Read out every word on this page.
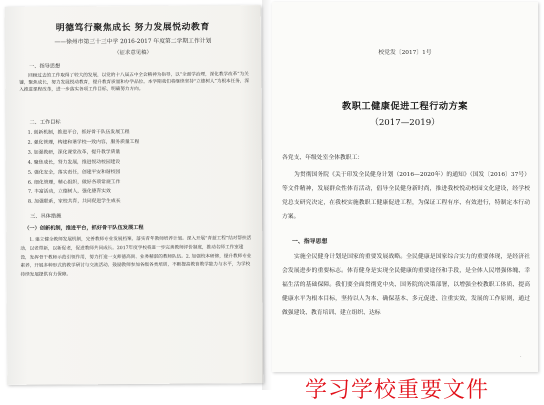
明德笃行聚焦成长 努力发展悦动教育
——徐州市第三十三中学 2016-2017 年度第二学期工作计划
（征求意见稿）
一、指导思想
回顾过去的工作取得了较大的发展，以党的十八届五中全会精神为指导，以“全面学治理，深化教学改革”为关键，聚焦成长，努力发展悦动教育，提升教育质量和办学品位。本学期我们将继续坚持“立德树人”为根本任务，深入推进课程改革，进一步落实各项工作目标，明确努力方向。
二、工作目标
1. 创新机制，推进平台，抓好骨干队伍发展工程
2. 强化管理，构建和谐学校一致内容，服务质量工程
3. 加强教研，深化课堂改革，提升教学质量
4. 聚焦成长，努力发展，推进悦动校园建设
5. 强化安全，落实责任，创建平安和谐校园
6. 细化管理，精心组织，做好各项常规工作
7. 丰富活动，立德树人，强化德育实效
8. 加强联系，家校共育，共同促进学生成长
三、具体措施
（一）创新机制，推进平台，抓好骨干队伍发展工程
1. 建立健全教师发展机制，完善教师专业发展档案，落实青年教师培养计划。深入开展“青蓝工程”结对帮扶活动，以老带新，以新促老，促进教师共同成长。2017年度学校将进一步完善教师评价制度，推动名师工作室建设，发挥骨干教师示范引领作用，努力打造一支师德高尚、业务精湛的教师队伍。2. 加强校本研修，提升教师专业素养，开展多种形式的教学研讨与交流活动，鼓励教师参加各级各类培训，不断提高教育教学能力与水平，为学校持续发展提供有力保障。
校党发〔2017〕1号
教职工健康促进工程行动方案
（2017—2019）
各党支、年级处室全体教职工：
为贯彻国务院《关于印发全民健身计划（2016—2020年）的通知》（国发〔2016〕37号）等文件精神，发展群众性体育活动，倡导全民健身新时尚，推进我校悦动校园文化建设，经学校党总支研究决定，在我校实施教职工健康促进工程，为保证工程有序、有效进行，特制定本行动方案。
一、指导思想
实施全民健身计划是国家的重要发展战略。全民健康是国家综合实力的重要体现，是经济社会发展进步的重要标志。体育健身是实现全民健康的重要途径和手段，是全体人民增强体魄、幸福生活的基础保障。我们要全面贯彻党中央、国务院的决策部署，以增强全校教职工体质、提高健康水平为根本目标，坚持以人为本、确保基本、多元促进、注重实效，发展的工作原则，通过做强建设、教育培训、建立组织、达标
·
学习学校重要文件
